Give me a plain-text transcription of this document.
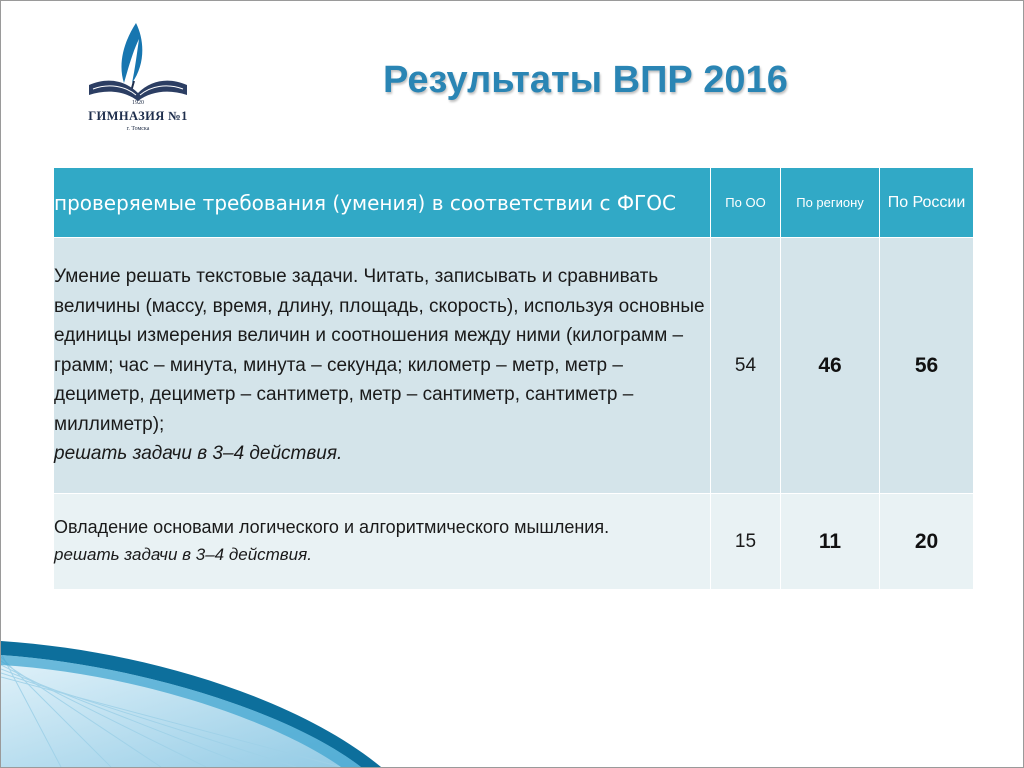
1920
ГИМНАЗИЯ №1
г. Томска
Результаты ВПР 2016
проверяемые требования (умения) в соответствии с ФГОС	По ОО	По региону	По России
Умение решать текстовые задачи. Читать, записывать и сравнивать величины (массу, время, длину, площадь, скорость), используя основные единицы измерения величин и соотношения между ними (килограмм – грамм; час – минута, минута – секунда; километр – метр, метр – дециметр, дециметр – сантиметр, метр – сантиметр, сантиметр – миллиметр);
решать задачи в 3–4 действия.	54	46	56
Овладение основами логического и алгоритмического мышления.
решать задачи в 3–4 действия.	15	11	20
